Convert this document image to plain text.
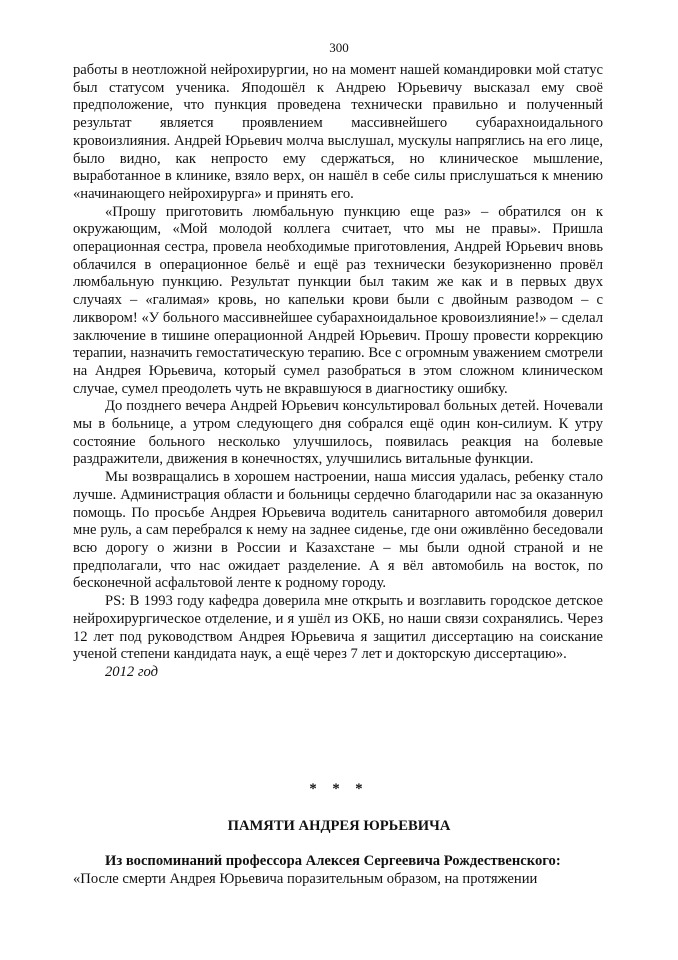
300

работы в неотложной нейрохирургии, но на момент нашей командировки мой статус был статусом ученика. Яподошёл к Андрею Юрьевичу высказал ему своё предположение, что пункция проведена технически правильно и полученный результат является проявлением массивнейшего субарахноидального кровоизлияния. Андрей Юрьевич молча выслушал, мускулы напряглись на его лице, было видно, как непросто ему сдержаться, но клиническое мышление, выработанное в клинике, взяло верх, он нашёл в себе силы прислушаться к мнению «начинающего нейрохирурга» и принять его.

«Прошу приготовить люмбальную пункцию еще раз» – обратился он к окружающим, «Мой молодой коллега считает, что мы не правы». Пришла операционная сестра, провела необходимые приготовления, Андрей Юрьевич вновь облачился в операционное бельё и ещё раз технически безукоризненно провёл люмбальную пункцию. Результат пункции был таким же как и в первых двух случаях – «галимая» кровь, но капельки крови были с двойным разводом – с ликвором! «У больного массивнейшее субарахноидальное кровоизлияние!» – сделал заключение в тишине операционной Андрей Юрьевич. Прошу провести коррекцию терапии, назначить гемостатическую терапию. Все с огромным уважением смотрели на Андрея Юрьевича, который сумел разобраться в этом сложном клиническом случае, сумел преодолеть чуть не вкравшуюся в диагностику ошибку.

До позднего вечера Андрей Юрьевич консультировал больных детей. Ночевали мы в больнице, а утром следующего дня собрался ещё один кон-силиум. К утру состояние больного несколько улучшилось, появилась реакция на болевые раздражители, движения в конечностях, улучшились витальные функции.

Мы возвращались в хорошем настроении, наша миссия удалась, ребенку стало лучше. Администрация области и больницы сердечно благодарили нас за оказанную помощь. По просьбе Андрея Юрьевича водитель санитарного автомобиля доверил мне руль, а сам перебрался к нему на заднее сиденье, где они оживлённо беседовали всю дорогу о жизни в России и Казахстане – мы были одной страной и не предполагали, что нас ожидает разделение. А я вёл автомобиль на восток, по бесконечной асфальтовой ленте к родному городу.

PS: В 1993 году кафедра доверила мне открыть и возглавить городское детское нейрохирургическое отделение, и я ушёл из ОКБ, но наши связи сохранялись. Через 12 лет под руководством Андрея Юрьевича я защитил диссертацию на соискание ученой степени кандидата наук, а ещё через 7 лет и докторскую диссертацию».

2012 год

* * *
ПАМЯТИ АНДРЕЯ ЮРЬЕВИЧА

Из воспоминаний профессора Алексея Сергеевича Рождественского:

«После смерти Андрея Юрьевича поразительным образом, на протяжении
